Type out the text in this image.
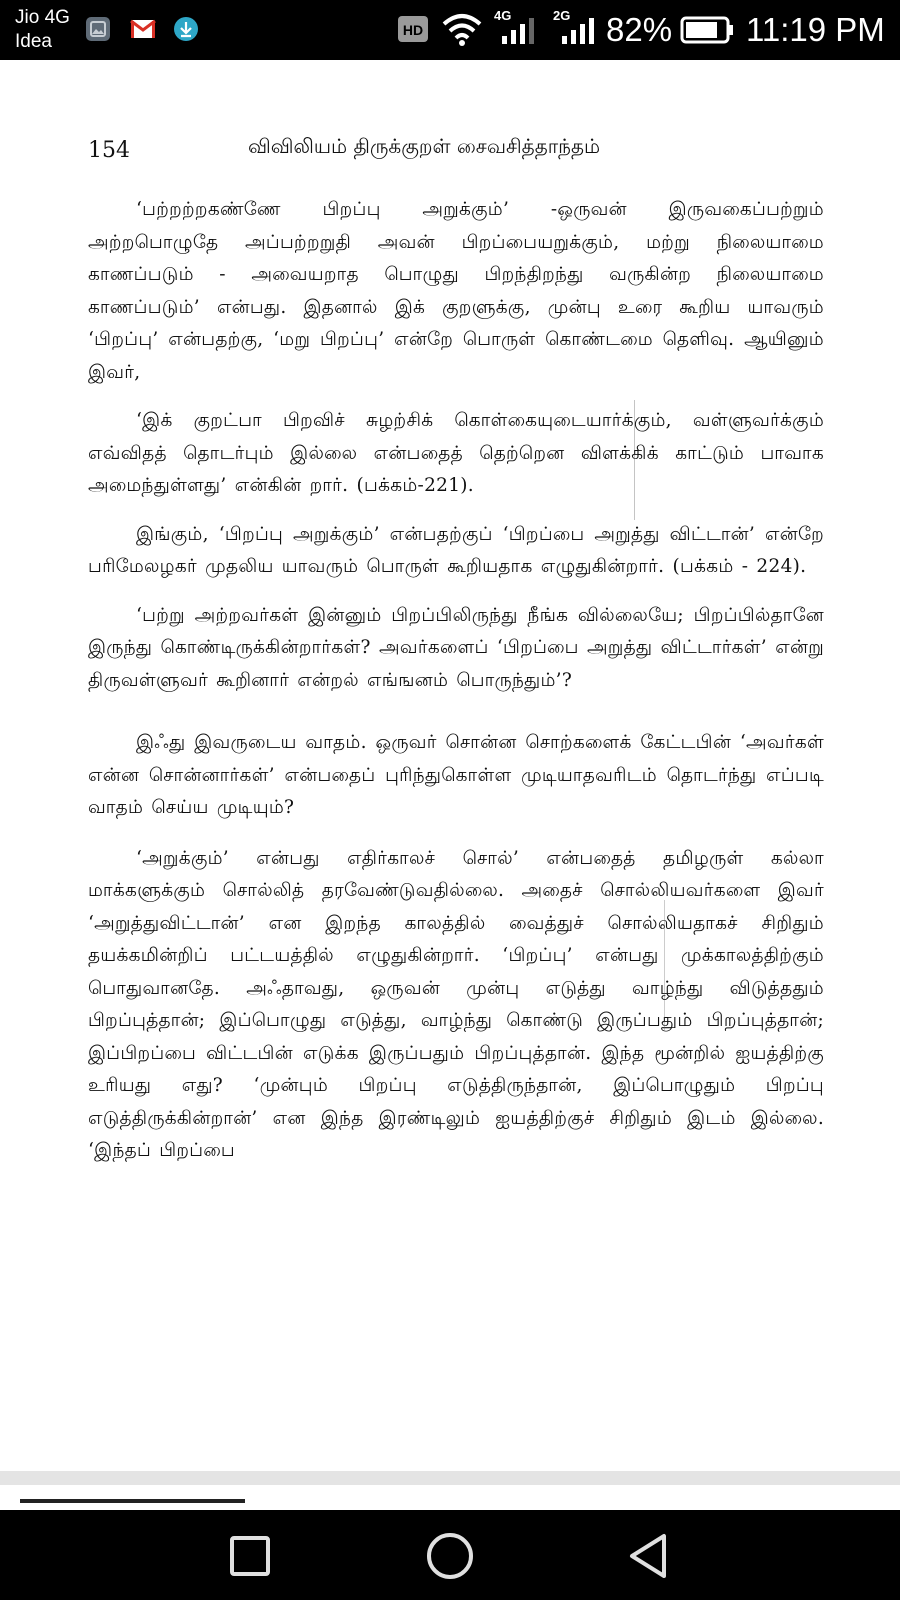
Jio 4G
Idea
HD
4G	2G 82% 11:19 PM
154	விவிலியம் திருக்குறள் சைவசித்தாந்தம்

‘பற்றற்றகண்ணே பிறப்பு அறுக்கும்’ -ஒருவன் இருவகைப்பற்றும் அற்றபொழுதே அப்பற்றறுதி அவன் பிறப்பையறுக்கும், மற்று நிலையாமை காணப்படும் - அவையறாத பொழுது பிறந்திறந்து வருகின்ற நிலையாமை காணப்படும்’ என்பது. இதனால் இக் குறளுக்கு, முன்பு உரை கூறிய யாவரும் ‘பிறப்பு’ என்பதற்கு, ‘மறு பிறப்பு’ என்றே பொருள் கொண்டமை தெளிவு. ஆயினும் இவர்,

‘இக் குறட்பா பிறவிச் சுழற்சிக் கொள்கையுடையார்க்கும், வள்ளுவர்க்கும் எவ்விதத் தொடர்பும் இல்லை என்பதைத் தெற்றென விளக்கிக் காட்டும் பாவாக அமைந்துள்ளது’ என்கின் றார். (பக்கம்-221).

இங்கும், ‘பிறப்பு அறுக்கும்’ என்பதற்குப் ‘பிறப்பை அறுத்து விட்டான்’ என்றே பரிமேலழகர் முதலிய யாவரும் பொருள் கூறியதாக எழுதுகின்றார். (பக்கம் - 224).

‘பற்று அற்றவர்கள் இன்னும் பிறப்பிலிருந்து நீங்க வில்லையே; பிறப்பில்தானே இருந்து கொண்டிருக்கின்றார்கள்? அவர்களைப் ‘பிறப்பை அறுத்து விட்டார்கள்’ என்று திருவள்ளுவர் கூறினார் என்றல் எங்ஙனம் பொருந்தும்’?

இஃது இவருடைய வாதம். ஒருவர் சொன்ன சொற்களைக் கேட்டபின் ‘அவர்கள் என்ன சொன்னார்கள்’ என்பதைப் புரிந்துகொள்ள முடியாதவரிடம் தொடர்ந்து எப்படி வாதம் செய்ய முடியும்?

‘அறுக்கும்’ என்பது எதிர்காலச் சொல்’ என்பதைத் தமிழருள் கல்லா மாக்களுக்கும் சொல்லித் தரவேண்டுவதில்லை. அதைச் சொல்லியவர்களை இவர் ‘அறுத்துவிட்டான்’ என இறந்த காலத்தில் வைத்துச் சொல்லியதாகச் சிறிதும் தயக்கமின்றிப் பட்டயத்தில் எழுதுகின்றார். ‘பிறப்பு’ என்பது முக்காலத்திற்கும் பொதுவானதே. அஃதாவது, ஒருவன் முன்பு எடுத்து வாழ்ந்து விடுத்ததும் பிறப்புத்தான்; இப்பொழுது எடுத்து, வாழ்ந்து கொண்டு இருப்பதும் பிறப்புத்தான்; இப்பிறப்பை விட்டபின் எடுக்க இருப்பதும் பிறப்புத்தான். இந்த மூன்றில் ஐயத்திற்கு உரியது எது? ‘முன்பும் பிறப்பு எடுத்திருந்தான், இப்பொழுதும் பிறப்பு எடுத்திருக்கின்றான்’ என இந்த இரண்டிலும் ஐயத்திற்குச் சிறிதும் இடம் இல்லை. ‘இந்தப் பிறப்பை
